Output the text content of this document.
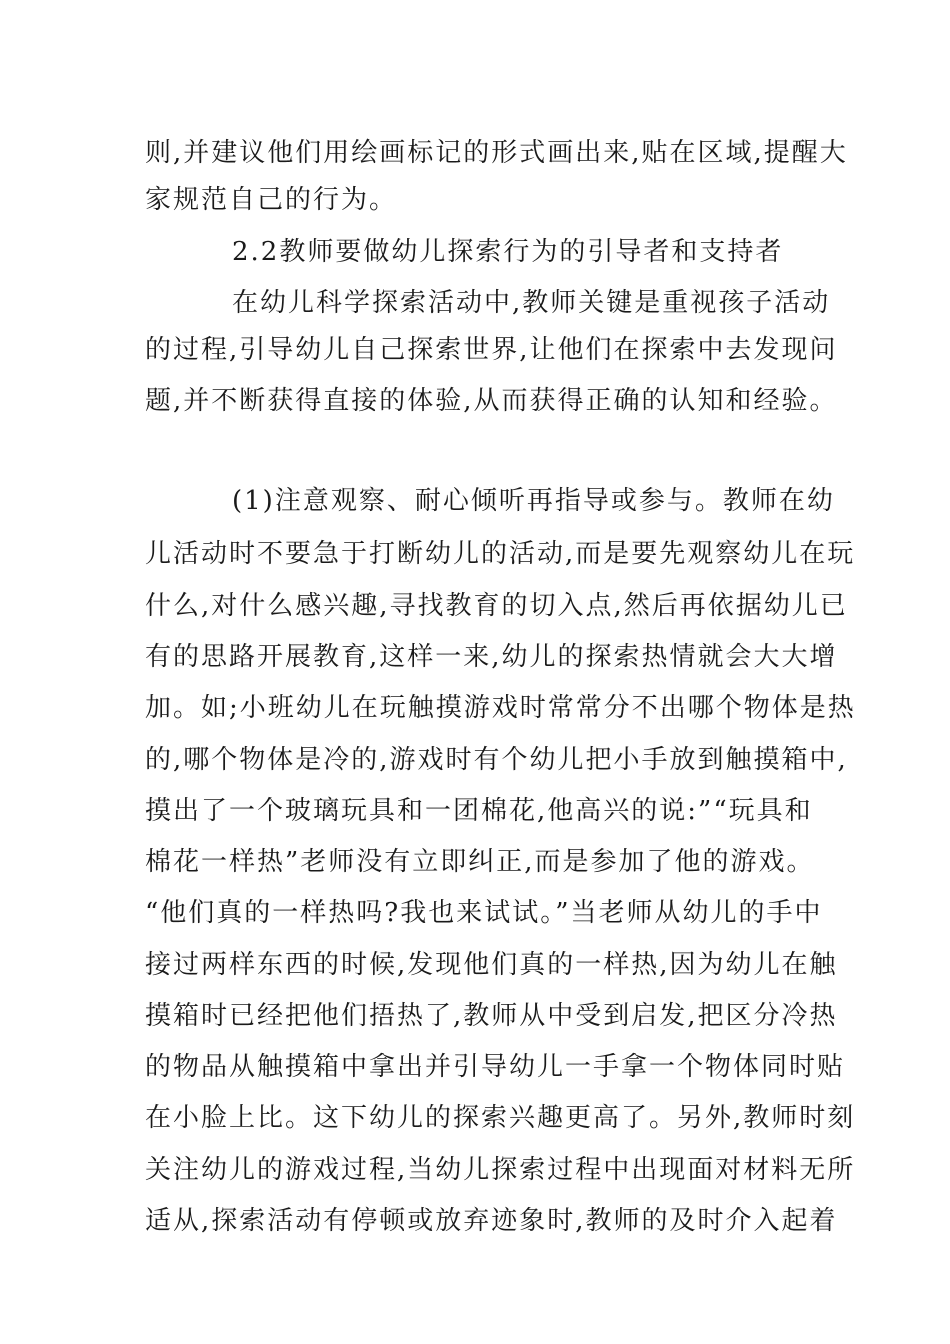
则,并建议他们用绘画标记的形式画出来,贴在区域,提醒大
家规范自己的行为。
2.2教师要做幼儿探索行为的引导者和支持者
在幼儿科学探索活动中,教师关键是重视孩子活动
的过程,引导幼儿自己探索世界,让他们在探索中去发现问
题,并不断获得直接的体验,从而获得正确的认知和经验。
(1)注意观察、耐心倾听再指导或参与。教师在幼
儿活动时不要急于打断幼儿的活动,而是要先观察幼儿在玩
什么,对什么感兴趣,寻找教育的切入点,然后再依据幼儿已
有的思路开展教育,这样一来,幼儿的探索热情就会大大增
加。如;小班幼儿在玩触摸游戏时常常分不出哪个物体是热
的,哪个物体是冷的,游戏时有个幼儿把小手放到触摸箱中,
摸出了一个玻璃玩具和一团棉花,他高兴的说:”“玩具和
棉花一样热”老师没有立即纠正,而是参加了他的游戏。
“他们真的一样热吗?我也来试试。”当老师从幼儿的手中
接过两样东西的时候,发现他们真的一样热,因为幼儿在触
摸箱时已经把他们捂热了,教师从中受到启发,把区分冷热
的物品从触摸箱中拿出并引导幼儿一手拿一个物体同时贴
在小脸上比。这下幼儿的探索兴趣更高了。另外,教师时刻
关注幼儿的游戏过程,当幼儿探索过程中出现面对材料无所
适从,探索活动有停顿或放弃迹象时,教师的及时介入起着
